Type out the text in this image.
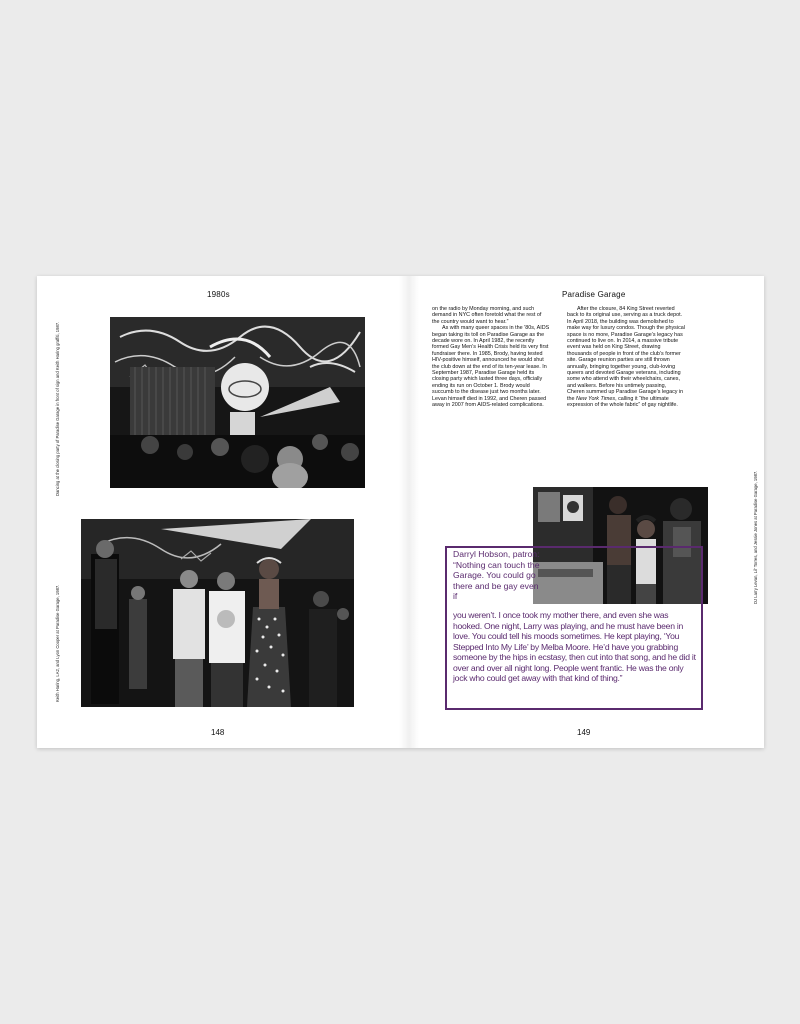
1980s
Dancing at the closing party of Paradise Garage in front of sign and Keith Haring graffiti, 1987.
Keith Haring, LA2, and Lyon Cooper at Paradise Garage, 1987.
148
Paradise Garage

on the radio by Monday morning, and such demand in NYC often foretold what the rest of the country would want to hear.”

As with many queer spaces in the ’80s, AIDS began taking its toll on Paradise Garage as the decade wore on. In April 1982, the recently formed Gay Men’s Health Crisis held its very first fundraiser there. In 1985, Brody, having tested HIV-positive himself, announced he would shut the club down at the end of its ten-year lease. In September 1987, Paradise Garage held its closing party which lasted three days, officially ending its run on October 1. Brody would succumb to the disease just two months later. Levan himself died in 1992, and Cheren passed away in 2007 from AIDS-related complications.

After the closure, 84 King Street reverted back to its original use, serving as a truck depot. In April 2018, the building was demolished to make way for luxury condos. Though the physical space is no more, Paradise Garage’s legacy has continued to live on. In 2014, a massive tribute event was held on King Street, drawing thousands of people in front of the club’s former site. Garage reunion parties are still thrown annually, bringing together young, club-loving queers and devoted Garage veterans, including some who attend with their wheelchairs, canes, and walkers. Before his untimely passing, Cheren summed up Paradise Garage’s legacy in the New York Times, calling it “the ultimate expression of the whole fabric” of gay nightlife.

DJ Larry Levan, Lil' Torres, and Jessie Jones at Paradise Garage, 1987.
Darryl Hobson, patron: “Nothing can touch the Garage. You could go there and be gay even if
you weren’t. I once took my mother there, and even she was hooked. One night, Larry was playing, and he must have been in love. You could tell his moods sometimes. He kept playing, ‘You Stepped Into My Life’ by Melba Moore. He’d have you grabbing someone by the hips in ecstasy, then cut into that song, and he did it over and over all night long. People went frantic. He was the only jock who could get away with that kind of thing.”
149
